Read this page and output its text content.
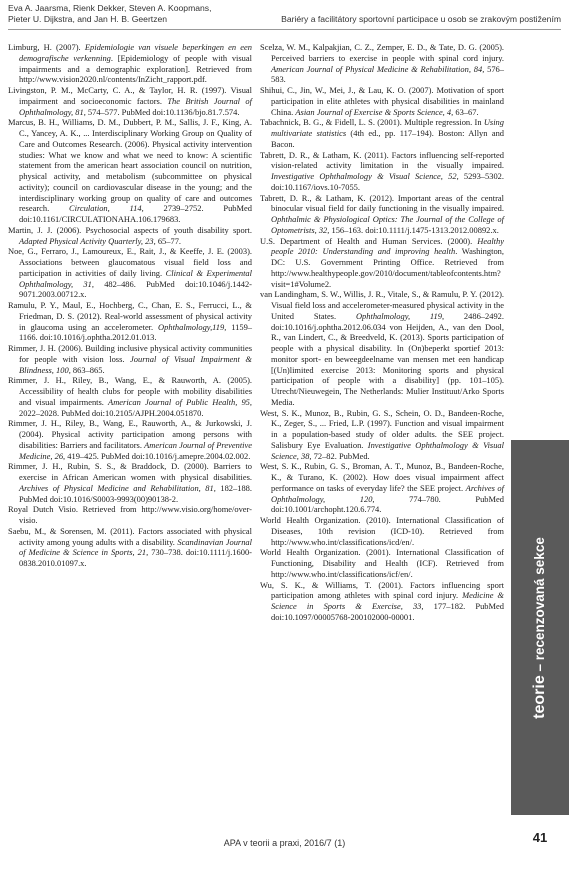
Eva A. Jaarsma, Rienk Dekker, Steven A. Koopmans,
Pieter U. Dijkstra, and Jan H. B. Geertzen	Bariéry a facilitátory sportovní participace u osob se zrakovým postižením

Limburg, H. (2007). Epidemiologie van visuele beperkingen en een demografische verkenning. [Epidemiology of people with visual impairments and a demographic exploration]. Retrieved from http://www.vision2020.nl/contents/InZicht_rapport.pdf.

Livingston, P. M., McCarty, C. A., & Taylor, H. R. (1997). Visual impairment and socioeconomic factors. The British Journal of Ophthalmology, 81, 574–577. PubMed doi:10.1136/bjo.81.7.574.

Marcus, B. H., Williams, D. M., Dubbert, P. M., Sallis, J. F., King, A. C., Yancey, A. K., ... Interdisciplinary Working Group on Quality of Care and Outcomes Research. (2006). Physical activity intervention studies: What we know and what we need to know: A scientific statement from the american heart association council on nutrition, physical activity, and metabolism (subcommittee on physical activity); council on cardiovascular disease in the young; and the interdisciplinary working group on quality of care and outcomes research. Circulation, 114, 2739–2752. PubMed doi:10.1161/CIRCULATIONAHA.106.179683.

Martin, J. J. (2006). Psychosocial aspects of youth disability sport. Adapted Physical Activity Quarterly, 23, 65–77.

Noe, G., Ferraro, J., Lamoureux, E., Rait, J., & Keeffe, J. E. (2003). Associations between glaucomatous visual field loss and participation in activities of daily living. Clinical & Experimental Ophthalmology, 31, 482–486. PubMed doi:10.1046/j.1442-9071.2003.00712.x.

Ramulu, P. Y., Maul, E., Hochberg, C., Chan, E. S., Ferrucci, L., & Friedman, D. S. (2012). Real-world assessment of physical activity in glaucoma using an accelerometer. Ophthalmology,119, 1159–1166. doi:10.1016/j.ophtha.2012.01.013.

Rimmer, J. H. (2006). Building inclusive physical activity communities for people with vision loss. Journal of Visual Impairment & Blindness, 100, 863–865.

Rimmer, J. H., Riley, B., Wang, E., & Rauworth, A. (2005). Accessibility of health clubs for people with mobility disabilities and visual impairments. American Journal of Public Health, 95, 2022–2028. PubMed doi:10.2105/AJPH.2004.051870.

Rimmer, J. H., Riley, B., Wang, E., Rauworth, A., & Jurkowski, J. (2004). Physical activity participation among persons with disabilities: Barriers and facilitators. American Journal of Preventive Medicine, 26, 419–425. PubMed doi:10.1016/j.amepre.2004.02.002.

Rimmer, J. H., Rubin, S. S., & Braddock, D. (2000). Barriers to exercise in African American women with physical disabilities. Archives of Physical Medicine and Rehabilitation, 81, 182–188. PubMed doi:10.1016/S0003-9993(00)90138-2.

Royal Dutch Visio. Retrieved from http://www.visio.org/home/over-visio.

Saebu, M., & Sorensen, M. (2011). Factors associated with physical activity among young adults with a disability. Scandinavian Journal of Medicine & Science in Sports, 21, 730–738. doi:10.1111/j.1600-0838.2010.01097.x.

Scelza, W. M., Kalpakjian, C. Z., Zemper, E. D., & Tate, D. G. (2005). Perceived barriers to exercise in people with spinal cord injury. American Journal of Physical Medicine & Rehabilitation, 84, 576–583.

Shihui, C., Jin, W., Mei, J., & Lau, K. O. (2007). Motivation of sport participation in elite athletes with physical disabilities in mainland China. Asian Journal of Exercise & Sports Science, 4, 63–67.

Tabachnick, B. G., & Fidell, L. S. (2001). Multiple regression. In Using multivariate statistics (4th ed., pp. 117–194). Boston: Allyn and Bacon.

Tabrett, D. R., & Latham, K. (2011). Factors influencing self-reported vision-related activity limitation in the visually impaired. Investigative Ophthalmology & Visual Science, 52, 5293–5302. doi:10.1167/iovs.10-7055.

Tabrett, D. R., & Latham, K. (2012). Important areas of the central binocular visual field for daily functioning in the visually impaired. Ophthalmic & Physiological Optics: The Journal of the College of Optometrists, 32, 156–163. doi:10.1111/j.1475-1313.2012.00892.x.

U.S. Department of Health and Human Services. (2000). Healthy people 2010: Understanding and improving health. Washington, DC: U.S. Government Printing Office. Retrieved from http://www.healthypeople.gov/2010/document/tableofcontents.htm?visit=1#Volume2.

van Landingham, S. W., Willis, J. R., Vitale, S., & Ramulu, P. Y. (2012). Visual field loss and accelerometer-measured physical activity in the United States. Ophthalmology, 119, 2486–2492. doi:10.1016/j.ophtha.2012.06.034 von Heijden, A., van den Dool, R., van Lindert, C., & Breedveld, K. (2013). Sports participation of people with a physical disability. In (On)beperkt sportief 2013: monitor sport- en beweegdeelname van mensen met een handicap [(Un)limited exercise 2013: Monitoring sports and physical participation of people with a disability] (pp. 101–105). Utrecht/Nieuwegein, The Netherlands: Mulier Instituut/Arko Sports Media.

West, S. K., Munoz, B., Rubin, G. S., Schein, O. D., Bandeen-Roche, K., Zeger, S., ... Fried, L.P. (1997). Function and visual impairment in a population-based study of older adults. the SEE project. Salisbury Eye Evaluation. Investigative Ophthalmology & Visual Science, 38, 72–82. PubMed.

West, S. K., Rubin, G. S., Broman, A. T., Munoz, B., Bandeen-Roche, K., & Turano, K. (2002). How does visual impairment affect performance on tasks of everyday life? the SEE project. Archives of Ophthalmology, 120, 774–780. PubMed doi:10.1001/archopht.120.6.774.

World Health Organization. (2010). International Classification of Diseases, 10th revision (ICD-10). Retrieved from http://www.who.int/classifications/icd/en/.

World Health Organization. (2001). International Classification of Functioning, Disability and Health (ICF). Retrieved from http://www.who.int/classifications/icf/en/.

Wu, S. K., & Williams, T. (2001). Factors influencing sport participation among athletes with spinal cord injury. Medicine & Science in Sports & Exercise, 33, 177–182. PubMed doi:10.1097/00005768-200102000-00001.

teorie – recenzovaná sekce
APA v teorii a praxi, 2016/7 (1)	41
